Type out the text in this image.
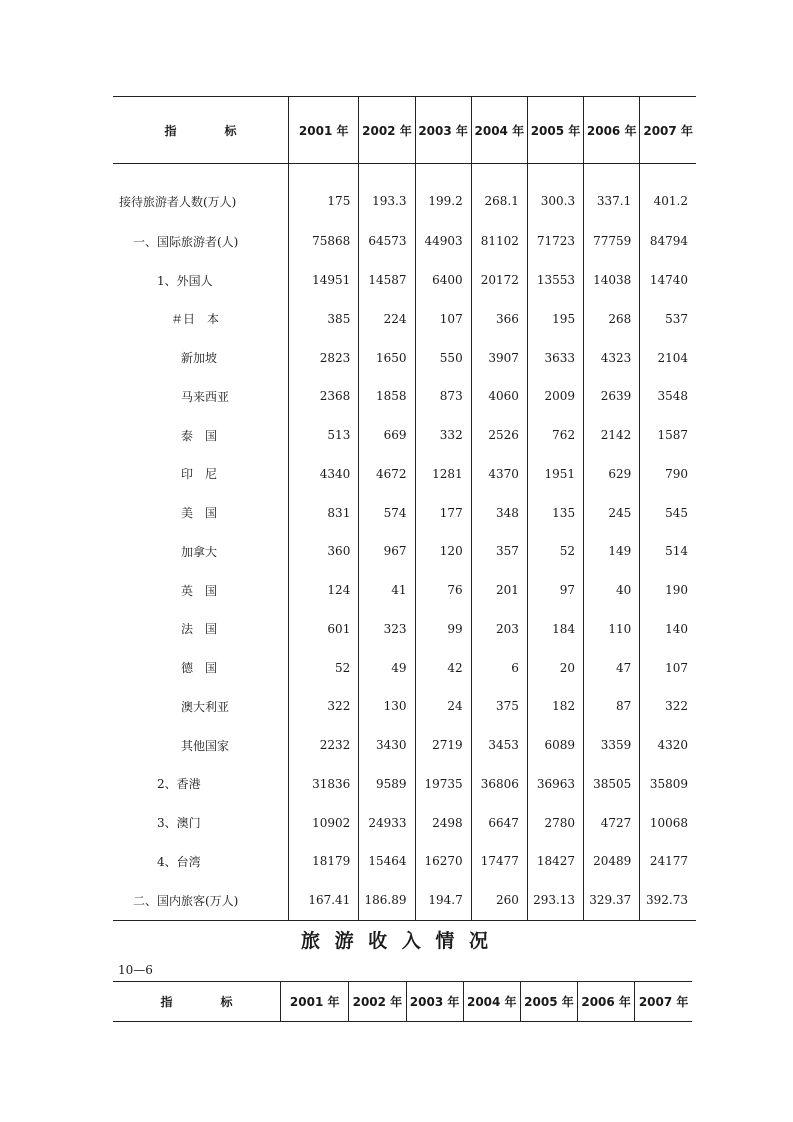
指　　　　标	2001 年	2002 年	2003 年	2004 年	2005 年	2006 年	2007 年
接待旅游者人数(万人)	175	193.3	199.2	268.1	300.3	337.1	401.2
一、国际旅游者(人)	75868	64573	44903	81102	71723	77759	84794
1、外国人	14951	14587	6400	20172	13553	14038	14740
＃日　本	385	224	107	366	195	268	537
新加坡	2823	1650	550	3907	3633	4323	2104
马来西亚	2368	1858	873	4060	2009	2639	3548
泰　国	513	669	332	2526	762	2142	1587
印　尼	4340	4672	1281	4370	1951	629	790
美　国	831	574	177	348	135	245	545
加拿大	360	967	120	357	52	149	514
英　国	124	41	76	201	97	40	190
法　国	601	323	99	203	184	110	140
德　国	52	49	42	6	20	47	107
澳大利亚	322	130	24	375	182	87	322
其他国家	2232	3430	2719	3453	6089	3359	4320
2、香港	31836	9589	19735	36806	36963	38505	35809
3、澳门	10902	24933	2498	6647	2780	4727	10068
4、台湾	18179	15464	16270	17477	18427	20489	24177
二、国内旅客(万人)	167.41	186.89	194.7	260	293.13	329.37	392.73
旅 游 收 入 情 况
10—6
指　　　　标	2001 年	2002 年	2003 年	2004 年	2005 年	2006 年	2007 年
